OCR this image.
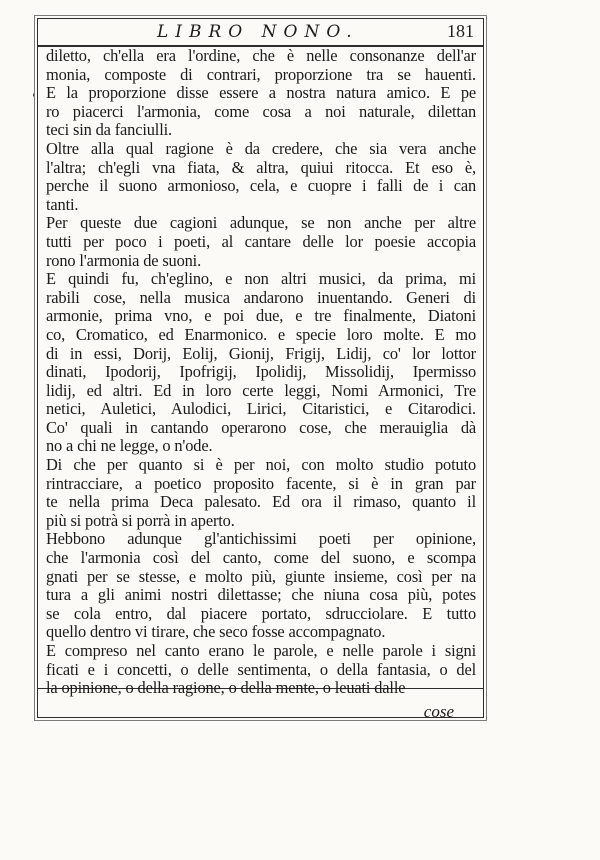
LIBRO NONO.	181
diletto, ch'ella era l'ordine, che è nelle consonanze dell'ar
monia, composte di contrari, proporzione tra se hauenti.
E la proporzione disse essere a nostra natura amico. E pe
ro piacerci l'armonia, come cosa a noi naturale, dilettan
teci sin da fanciulli.
Oltre alla qual ragione è da credere, che sia vera anche
l'altra; ch'egli vna fiata, & altra, quiui ritocca. Et eso è,
perche il suono armonioso, cela, e cuopre i falli de i can
tanti.
Per queste due cagioni adunque, se non anche per altre
tutti per poco i poeti, al cantare delle lor poesie accopia
rono l'armonia de suoni.
E quindi fu, ch'eglino, e non altri musici, da prima, mi
rabili cose, nella musica andarono inuentando. Generi di
armonie, prima vno, e poi due, e tre finalmente, Diatoni
co, Cromatico, ed Enarmonico. e specie loro molte. E mo
di in essi, Dorij, Eolij, Gionij, Frigij, Lidij, co' lor lottor
dinati, Ipodorij, Ipofrigij, Ipolidij, Missolidij, Ipermisso
lidij, ed altri. Ed in loro certe leggi, Nomi Armonici, Tre
netici, Auletici, Aulodici, Lirici, Citaristici, e Citarodici.
Co' quali in cantando operarono cose, che merauiglia dà
no a chi ne legge, o n'ode.
Di che per quanto si è per noi, con molto studio potuto
rintracciare, a poetico proposito facente, si è in gran par
te nella prima Deca palesato. Ed ora il rimaso, quanto il
più si potrà si porrà in aperto.
Hebbono adunque gl'antichissimi poeti per opinione,
che l'armonia così del canto, come del suono, e scompa
gnati per se stesse, e molto più, giunte insieme, così per na
tura a gli animi nostri dilettasse; che niuna cosa più, potes
se cola entro, dal piacere portato, sdrucciolare. E tutto
quello dentro vi tirare, che seco fosse accompagnato.
E compreso nel canto erano le parole, e nelle parole i signi
ficati e i concetti, o delle sentimenta, o della fantasia, o del
la opinione, o della ragione, o della mente, o leuati dalle
cose
